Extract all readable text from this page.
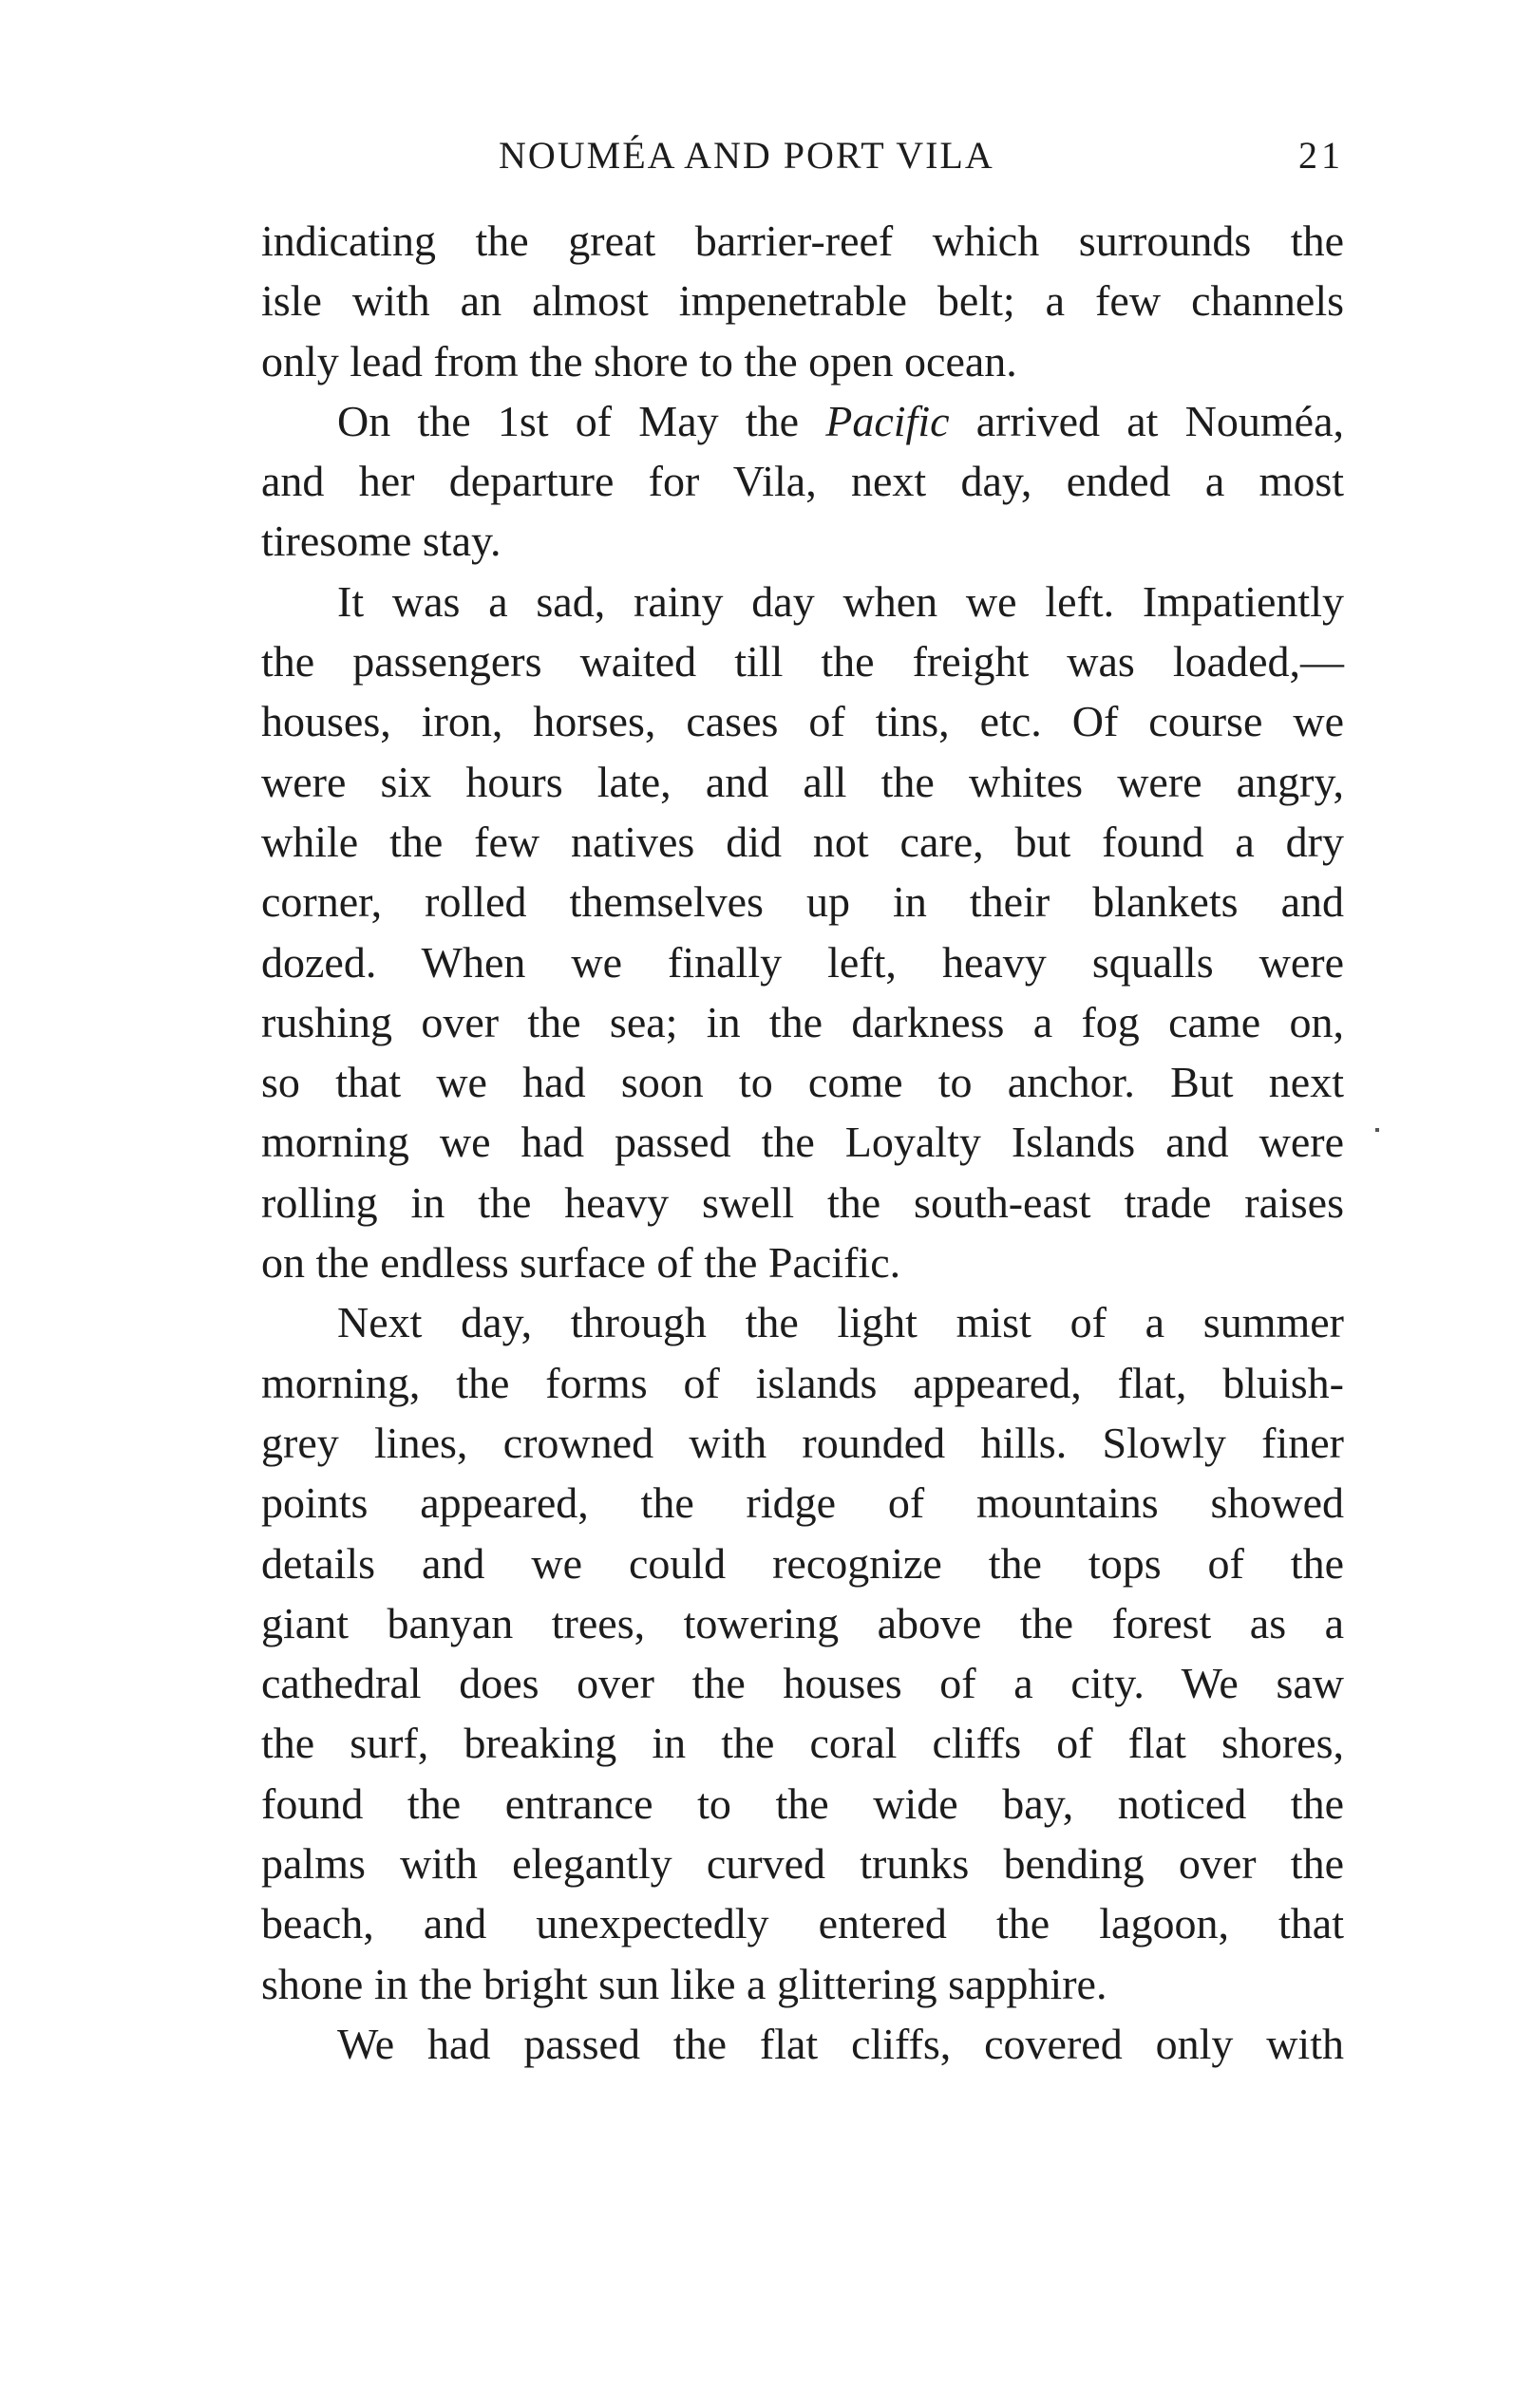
NOUMÉA AND PORT VILA	21
indicating the great barrier-reef which surrounds the
isle with an almost impenetrable belt; a few channels
only lead from the shore to the open ocean.
On the 1st of May the Pacific arrived at Nouméa,
and her departure for Vila, next day, ended a most
tiresome stay.
It was a sad, rainy day when we left. Impatiently
the passengers waited till the freight was loaded,—
houses, iron, horses, cases of tins, etc. Of course we
were six hours late, and all the whites were angry,
while the few natives did not care, but found a dry
corner, rolled themselves up in their blankets and
dozed. When we finally left, heavy squalls were
rushing over the sea; in the darkness a fog came on,
so that we had soon to come to anchor. But next
morning we had passed the Loyalty Islands and were
rolling in the heavy swell the south-east trade raises
on the endless surface of the Pacific.
Next day, through the light mist of a summer
morning, the forms of islands appeared, flat, bluish-
grey lines, crowned with rounded hills. Slowly finer
points appeared, the ridge of mountains showed
details and we could recognize the tops of the
giant banyan trees, towering above the forest as a
cathedral does over the houses of a city. We saw
the surf, breaking in the coral cliffs of flat shores,
found the entrance to the wide bay, noticed the
palms with elegantly curved trunks bending over the
beach, and unexpectedly entered the lagoon, that
shone in the bright sun like a glittering sapphire.
We had passed the flat cliffs, covered only with
